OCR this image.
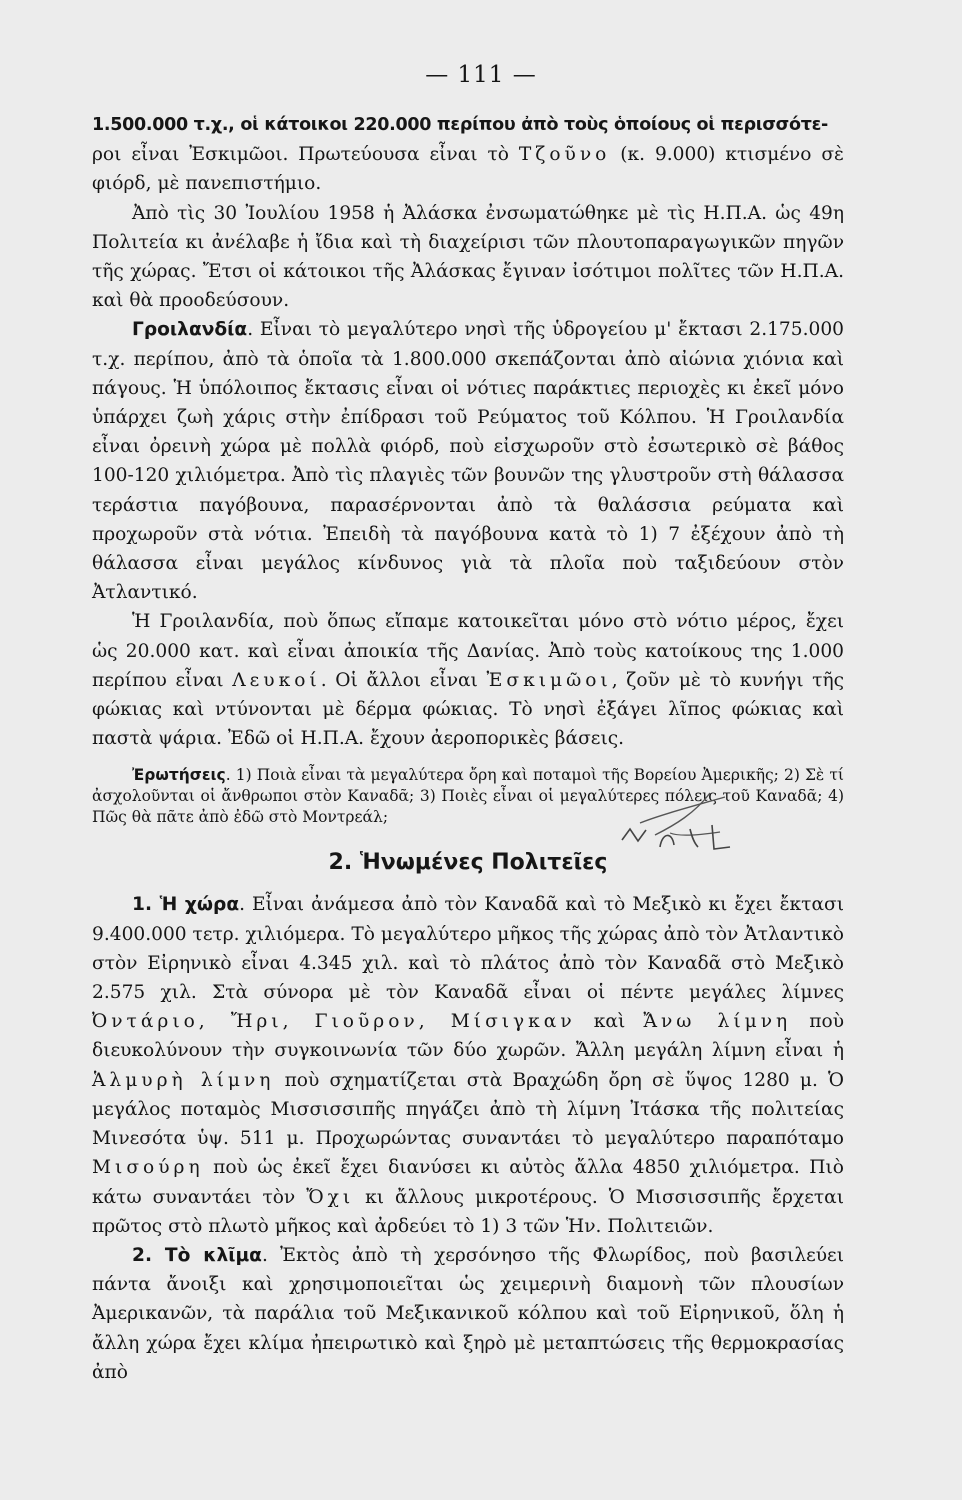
— 111 —

1.500.000 τ.χ., οἱ κάτοικοι 220.000 περίπου ἀπὸ τοὺς ὁποίους οἱ περισσότε-
ροι εἶναι Ἐσκιμῶοι. Πρωτεύουσα εἶναι τὸ Τζοῦνο (κ. 9.000) κτισμένο σὲ φιόρδ, μὲ πανεπιστήμιο.

Ἀπὸ τὶς 30 Ἰουλίου 1958 ἡ Ἀλάσκα ἐνσωματώθηκε μὲ τὶς Η.Π.Α. ὡς 49η Πολιτεία κι ἀνέλαβε ἡ ἴδια καὶ τὴ διαχείρισι τῶν πλουτοπαραγωγικῶν πηγῶν τῆς χώρας. Ἔτσι οἱ κάτοικοι τῆς Ἀλάσκας ἔγιναν ἰσότιμοι πολῖτες τῶν Η.Π.Α. καὶ θὰ προοδεύσουν.

Γροιλανδία. Εἶναι τὸ μεγαλύτερο νησὶ τῆς ὑδρογείου μ' ἔκτασι 2.175.000 τ.χ. περίπου, ἀπὸ τὰ ὁποῖα τὰ 1.800.000 σκεπάζονται ἀπὸ αἰώνια χιόνια καὶ πάγους. Ἡ ὑπόλοιπος ἔκτασις εἶναι οἱ νότιες παράκτιες περιοχὲς κι ἐκεῖ μόνο ὑπάρχει ζωὴ χάρις στὴν ἐπίδρασι τοῦ Ρεύματος τοῦ Κόλπου. Ἡ Γροιλανδία εἶναι ὀρεινὴ χώρα μὲ πολλὰ φιόρδ, ποὺ εἰσχωροῦν στὸ ἐσωτερικὸ σὲ βάθος 100-120 χιλιόμετρα. Ἀπὸ τὶς πλαγιὲς τῶν βουνῶν της γλυστροῦν στὴ θάλασσα τεράστια παγόβουνα, παρασέρνονται ἀπὸ τὰ θαλάσσια ρεύματα καὶ προχωροῦν στὰ νότια. Ἐπειδὴ τὰ παγόβουνα κατὰ τὸ 1) 7 ἐξέχουν ἀπὸ τὴ θάλασσα εἶναι μεγάλος κίνδυνος γιὰ τὰ πλοῖα ποὺ ταξιδεύουν στὸν Ἀτλαντικό.

Ἡ Γροιλανδία, ποὺ ὅπως εἴπαμε κατοικεῖται μόνο στὸ νότιο μέρος, ἔχει ὡς 20.000 κατ. καὶ εἶναι ἀποικία τῆς Δανίας. Ἀπὸ τοὺς κατοίκους της 1.000 περίπου εἶναι Λευκοί. Οἱ ἄλλοι εἶναι Ἐσκιμῶοι, ζοῦν μὲ τὸ κυνήγι τῆς φώκιας καὶ ντύνονται μὲ δέρμα φώκιας. Τὸ νησὶ ἐξάγει λῖπος φώκιας καὶ παστὰ ψάρια. Ἐδῶ οἱ Η.Π.Α. ἔχουν ἀεροπορικὲς βάσεις.

Ἐρωτήσεις. 1) Ποιὰ εἶναι τὰ μεγαλύτερα ὄρη καὶ ποταμοὶ τῆς Βορείου Ἀμερικῆς; 2) Σὲ τί ἀσχολοῦνται οἱ ἄνθρωποι στὸν Καναδᾶ; 3) Ποιὲς εἶναι οἱ μεγαλύτερες πόλεις τοῦ Καναδᾶ; 4) Πῶς θὰ πᾶτε ἀπὸ ἐδῶ στὸ Μοντρεάλ;

2. Ἡνωμένες Πολιτεῖες

1. Ἡ χώρα. Εἶναι ἀνάμεσα ἀπὸ τὸν Καναδᾶ καὶ τὸ Μεξικὸ κι ἔχει ἔκτασι 9.400.000 τετρ. χιλιόμερα. Τὸ μεγαλύτερο μῆκος τῆς χώρας ἀπὸ τὸν Ἀτλαντικὸ στὸν Εἰρηνικὸ εἶναι 4.345 χιλ. καὶ τὸ πλάτος ἀπὸ τὸν Καναδᾶ στὸ Μεξικὸ 2.575 χιλ. Στὰ σύνορα μὲ τὸν Καναδᾶ εἶναι οἱ πέντε μεγάλες λίμνες Ὀντάριο, Ἤρι, Γιοῦρον, Μίσιγκαν καὶ Ἄνω λίμνη ποὺ διευκολύνουν τὴν συγκοινωνία τῶν δύο χωρῶν. Ἄλλη μεγάλη λίμνη εἶναι ἡ Ἁλμυρὴ λίμνη ποὺ σχηματίζεται στὰ Βραχώδη ὄρη σὲ ὕψος 1280 μ. Ὁ μεγάλος ποταμὸς Μισσισσιπῆς πηγάζει ἀπὸ τὴ λίμνη Ἰτάσκα τῆς πολιτείας Μινεσότα ὑψ. 511 μ. Προχωρώντας συναντάει τὸ μεγαλύτερο παραπόταμο Μισούρη ποὺ ὡς ἐκεῖ ἔχει διανύσει κι αὐτὸς ἄλλα 4850 χιλιόμετρα. Πιὸ κάτω συναντάει τὸν Ὄχι κι ἄλλους μικροτέρους. Ὁ Μισσισσιπῆς ἔρχεται πρῶτος στὸ πλωτὸ μῆκος καὶ ἀρδεύει τὸ 1) 3 τῶν Ἡν. Πολιτειῶν.

2. Τὸ κλῖμα. Ἐκτὸς ἀπὸ τὴ χερσόνησο τῆς Φλωρίδος, ποὺ βασιλεύει πάντα ἄνοιξι καὶ χρησιμοποιεῖται ὡς χειμερινὴ διαμονὴ τῶν πλουσίων Ἀμερικανῶν, τὰ παράλια τοῦ Μεξικανικοῦ κόλπου καὶ τοῦ Εἰρηνικοῦ, ὅλη ἡ ἄλλη χώρα ἔχει κλίμα ἠπειρωτικὸ καὶ ξηρὸ μὲ μεταπτώσεις τῆς θερμοκρασίας ἀπὸ
